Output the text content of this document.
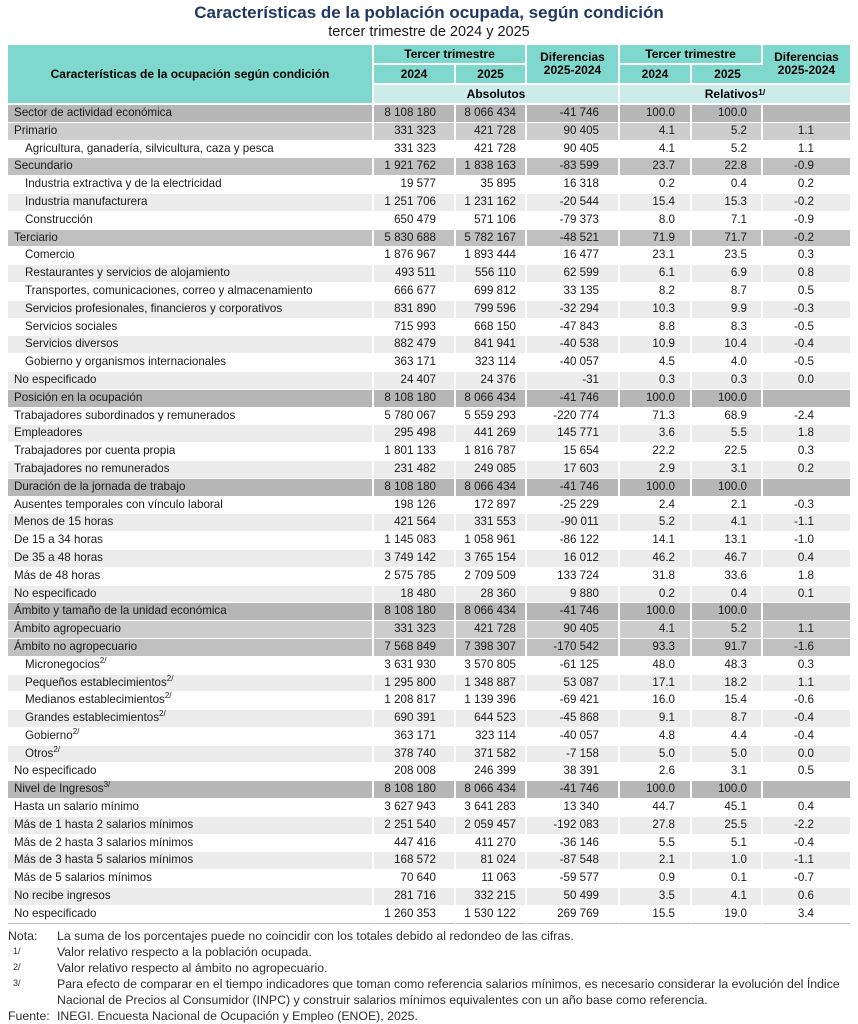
Características de la población ocupada, según condición
tercer trimestre de 2024 y 2025
Características de la ocupación según condición	Tercer trimestre		Diferencias
2025-2024	Tercer trimestre		Diferencias
2025-2024
	2024	2025		2024	2025	
	Absolutos			Relativos$^{1/}$
Sector de actividad económica	8 108 180	8 066 434	-41 746	100.0	100.0	
Primario	331 323	421 728	90 405	4.1	5.2	1.1
Agricultura, ganadería, silvicultura, caza y pesca	331 323	421 728	90 405	4.1	5.2	1.1
Secundario	1 921 762	1 838 163	-83 599	23.7	22.8	-0.9
Industria extractiva y de la electricidad	19 577	35 895	16 318	0.2	0.4	0.2
Industria manufacturera	1 251 706	1 231 162	-20 544	15.4	15.3	-0.2
Construcción	650 479	571 106	-79 373	8.0	7.1	-0.9
Terciario	5 830 688	5 782 167	-48 521	71.9	71.7	-0.2
Comercio	1 876 967	1 893 444	16 477	23.1	23.5	0.3
Restaurantes y servicios de alojamiento	493 511	556 110	62 599	6.1	6.9	0.8
Transportes, comunicaciones, correo y almacenamiento	666 677	699 812	33 135	8.2	8.7	0.5
Servicios profesionales, financieros y corporativos	831 890	799 596	-32 294	10.3	9.9	-0.3
Servicios sociales	715 993	668 150	-47 843	8.8	8.3	-0.5
Servicios diversos	882 479	841 941	-40 538	10.9	10.4	-0.4
Gobierno y organismos internacionales	363 171	323 114	-40 057	4.5	4.0	-0.5
No especificado	24 407	24 376	-31	0.3	0.3	0.0
Posición en la ocupación	8 108 180	8 066 434	-41 746	100.0	100.0	
Trabajadores subordinados y remunerados	5 780 067	5 559 293	-220 774	71.3	68.9	-2.4
Empleadores	295 498	441 269	145 771	3.6	5.5	1.8
Trabajadores por cuenta propia	1 801 133	1 816 787	15 654	22.2	22.5	0.3
Trabajadores no remunerados	231 482	249 085	17 603	2.9	3.1	0.2
Duración de la jornada de trabajo	8 108 180	8 066 434	-41 746	100.0	100.0	
Ausentes temporales con vínculo laboral	198 126	172 897	-25 229	2.4	2.1	-0.3
Menos de 15 horas	421 564	331 553	-90 011	5.2	4.1	-1.1
De 15 a 34 horas	1 145 083	1 058 961	-86 122	14.1	13.1	-1.0
De 35 a 48 horas	3 749 142	3 765 154	16 012	46.2	46.7	0.4
Más de 48 horas	2 575 785	2 709 509	133 724	31.8	33.6	1.8
No especificado	18 480	28 360	9 880	0.2	0.4	0.1
Ámbito y tamaño de la unidad económica	8 108 180	8 066 434	-41 746	100.0	100.0	
Ámbito agropecuario	331 323	421 728	90 405	4.1	5.2	1.1
Ámbito no agropecuario	7 568 849	7 398 307	-170 542	93.3	91.7	-1.6
Micronegocios$^{2/}$	3 631 930	3 570 805	-61 125	48.0	48.3	0.3
Pequeños establecimientos$^{2/}$	1 295 800	1 348 887	53 087	17.1	18.2	1.1
Medianos establecimientos$^{2/}$	1 208 817	1 139 396	-69 421	16.0	15.4	-0.6
Grandes establecimientos$^{2/}$	690 391	644 523	-45 868	9.1	8.7	-0.4
Gobierno$^{2/}$	363 171	323 114	-40 057	4.8	4.4	-0.4
Otros$^{2/}$	378 740	371 582	-7 158	5.0	5.0	0.0
No especificado	208 008	246 399	38 391	2.6	3.1	0.5
Nivel de Ingresos$^{3/}$	8 108 180	8 066 434	-41 746	100.0	100.0	
Hasta un salario mínimo	3 627 943	3 641 283	13 340	44.7	45.1	0.4
Más de 1 hasta 2 salarios mínimos	2 251 540	2 059 457	-192 083	27.8	25.5	-2.2
Más de 2 hasta 3 salarios mínimos	447 416	411 270	-36 146	5.5	5.1	-0.4
Más de 3 hasta 5 salarios mínimos	168 572	81 024	-87 548	2.1	1.0	-1.1
Más de 5 salarios mínimos	70 640	11 063	-59 577	0.9	0.1	-0.7
No recibe ingresos	281 716	332 215	50 499	3.5	4.1	0.6
No especificado	1 260 353	1 530 122	269 769	15.5	19.0	3.4
Nota:	La suma de los porcentajes puede no coincidir con los totales debido al redondeo de las cifras.
1/	Valor relativo respecto a la población ocupada.
2/	Valor relativo respecto al ámbito no agropecuario.
3/	Para efecto de comparar en el tiempo indicadores que toman como referencia salarios mínimos, es necesario considerar la evolución del Índice Nacional de Precios al Consumidor (INPC) y construir salarios mínimos equivalentes con un año base como referencia.
Fuente: INEGI. Encuesta Nacional de Ocupación y Empleo (ENOE), 2025.
